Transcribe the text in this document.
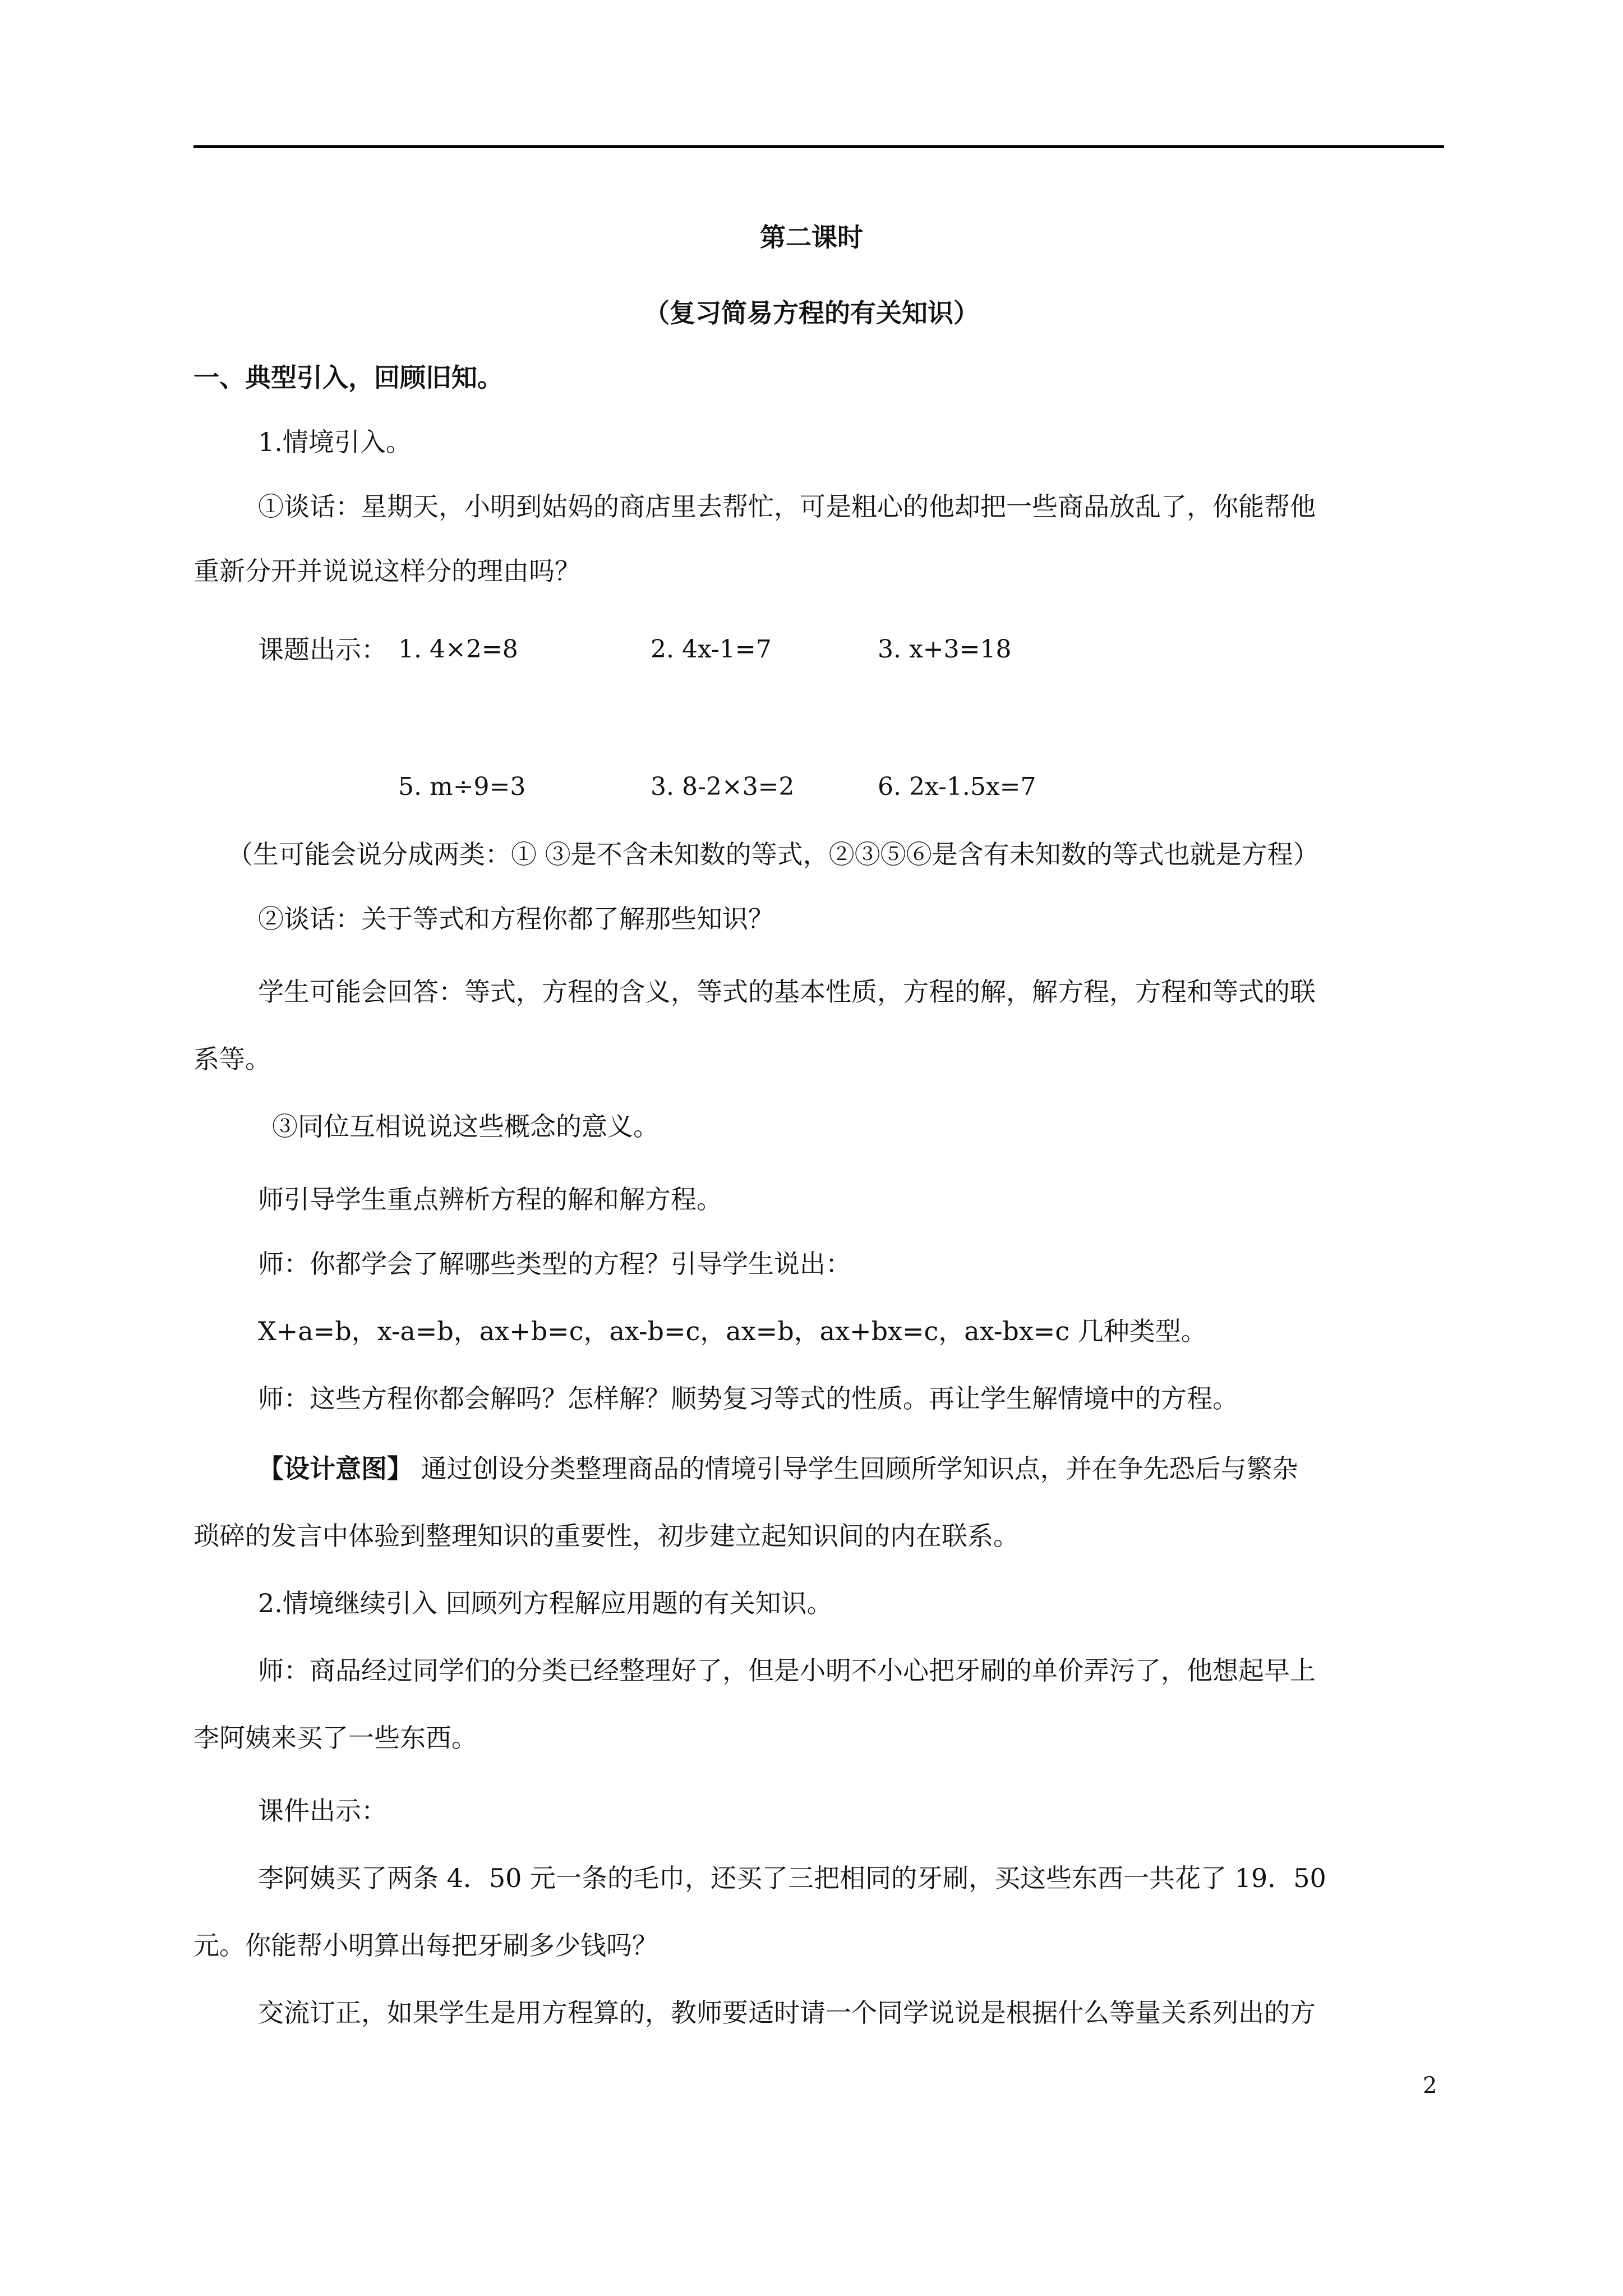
第二课时
（复习简易方程的有关知识）
一、典型引入，回顾旧知。
1.情境引入。
①谈话：星期天，小明到姑妈的商店里去帮忙，可是粗心的他却把一些商品放乱了，你能帮他
重新分开并说说这样分的理由吗？
课题出示： 1. 4×2=8	2. 4x-1=7	3. x+3=18
5. m÷9=3	3. 8-2×3=2	6. 2x-1.5x=7
（生可能会说分成两类：① ③是不含未知数的等式，②③⑤⑥是含有未知数的等式也就是方程）
②谈话：关于等式和方程你都了解那些知识？
学生可能会回答：等式，方程的含义，等式的基本性质，方程的解，解方程，方程和等式的联
系等。
③同位互相说说这些概念的意义。
师引导学生重点辨析方程的解和解方程。
师：你都学会了解哪些类型的方程？引导学生说出：
X+a=b，x-a=b，ax+b=c，ax-b=c，ax=b，ax+bx=c，ax-bx=c 几种类型。
师：这些方程你都会解吗？怎样解？顺势复习等式的性质。再让学生解情境中的方程。
【设计意图】 通过创设分类整理商品的情境引导学生回顾所学知识点，并在争先恐后与繁杂
琐碎的发言中体验到整理知识的重要性，初步建立起知识间的内在联系。
2.情境继续引入 回顾列方程解应用题的有关知识。
师：商品经过同学们的分类已经整理好了，但是小明不小心把牙刷的单价弄污了，他想起早上
李阿姨来买了一些东西。
课件出示：
李阿姨买了两条 4．50 元一条的毛巾，还买了三把相同的牙刷，买这些东西一共花了 19．50
元。你能帮小明算出每把牙刷多少钱吗？
交流订正，如果学生是用方程算的，教师要适时请一个同学说说是根据什么等量关系列出的方
2
